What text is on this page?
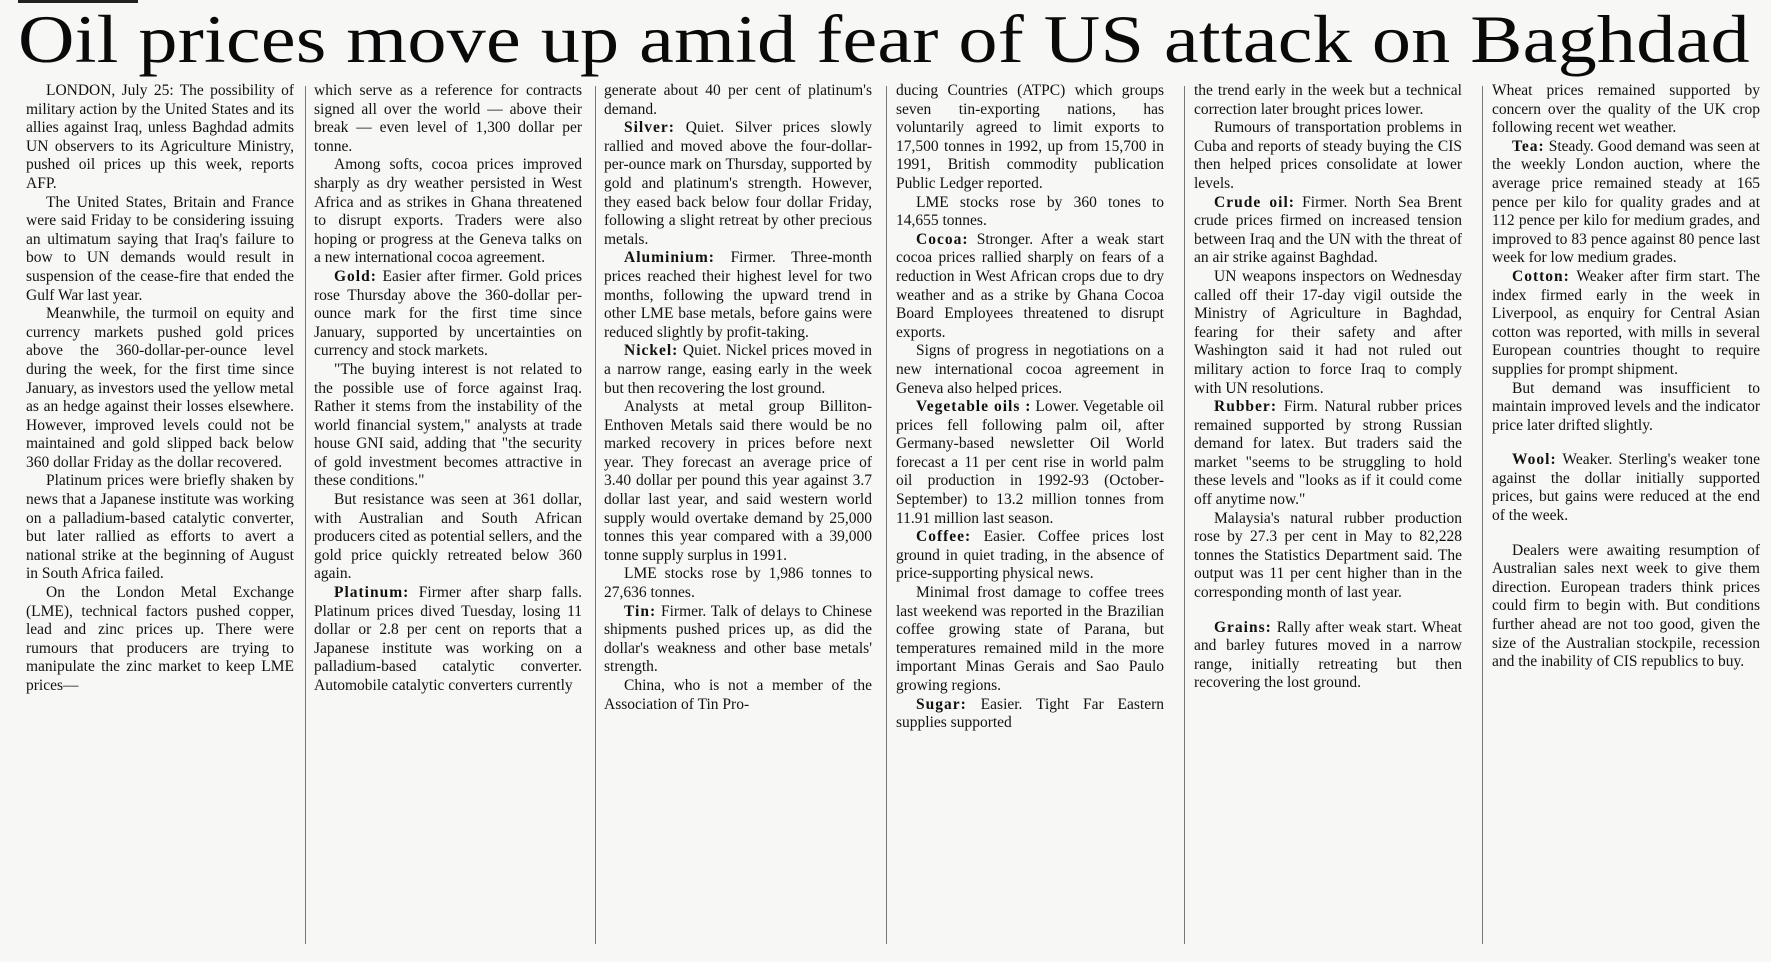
Oil prices move up amid fear of US attack on Baghdad

LONDON, July 25: The possibility of military action by the United States and its allies against Iraq, unless Baghdad admits UN observers to its Agriculture Ministry, pushed oil prices up this week, reports AFP.

The United States, Britain and France were said Friday to be considering issuing an ultimatum saying that Iraq's failure to bow to UN demands would result in suspension of the cease-fire that ended the Gulf War last year.

Meanwhile, the turmoil on equity and currency markets pushed gold prices above the 360-dollar-per-ounce level during the week, for the first time since January, as investors used the yellow metal as an hedge against their losses elsewhere. However, improved levels could not be maintained and gold slipped back below 360 dollar Friday as the dollar recovered.

Platinum prices were briefly shaken by news that a Japanese institute was working on a palladium-based catalytic converter, but later rallied as efforts to avert a national strike at the beginning of August in South Africa failed.

On the London Metal Exchange (LME), technical factors pushed copper, lead and zinc prices up. There were rumours that producers are trying to manipulate the zinc market to keep LME prices—

which serve as a reference for contracts signed all over the world — above their break — even level of 1,300 dollar per tonne.

Among softs, cocoa prices improved sharply as dry weather persisted in West Africa and as strikes in Ghana threatened to disrupt exports. Traders were also hoping or progress at the Geneva talks on a new international cocoa agreement.

Gold: Easier after firmer. Gold prices rose Thursday above the 360-dollar per-ounce mark for the first time since January, supported by uncertainties on currency and stock markets.

"The buying interest is not related to the possible use of force against Iraq. Rather it stems from the instability of the world financial system," analysts at trade house GNI said, adding that "the security of gold investment becomes attractive in these conditions."

But resistance was seen at 361 dollar, with Australian and South African producers cited as potential sellers, and the gold price quickly retreated below 360 again.

Platinum: Firmer after sharp falls. Platinum prices dived Tuesday, losing 11 dollar or 2.8 per cent on reports that a Japanese institute was working on a palladium-based catalytic converter. Automobile catalytic converters currently

generate about 40 per cent of platinum's demand.

Silver: Quiet. Silver prices slowly rallied and moved above the four-dollar-per-ounce mark on Thursday, supported by gold and platinum's strength. However, they eased back below four dollar Friday, following a slight retreat by other precious metals.

Aluminium: Firmer. Three-month prices reached their highest level for two months, following the upward trend in other LME base metals, before gains were reduced slightly by profit-taking.

Nickel: Quiet. Nickel prices moved in a narrow range, easing early in the week but then recovering the lost ground.

Analysts at metal group Billiton-Enthoven Metals said there would be no marked recovery in prices before next year. They forecast an average price of 3.40 dollar per pound this year against 3.7 dollar last year, and said western world supply would overtake demand by 25,000 tonnes this year compared with a 39,000 tonne supply surplus in 1991.

LME stocks rose by 1,986 tonnes to 27,636 tonnes.

Tin: Firmer. Talk of delays to Chinese shipments pushed prices up, as did the dollar's weakness and other base metals' strength.

China, who is not a member of the Association of Tin Pro-

ducing Countries (ATPC) which groups seven tin-exporting nations, has voluntarily agreed to limit exports to 17,500 tonnes in 1992, up from 15,700 in 1991, British commodity publication Public Ledger reported.

LME stocks rose by 360 tones to 14,655 tonnes.

Cocoa: Stronger. After a weak start cocoa prices rallied sharply on fears of a reduction in West African crops due to dry weather and as a strike by Ghana Cocoa Board Employees threatened to disrupt exports.

Signs of progress in negotiations on a new international cocoa agreement in Geneva also helped prices.

Vegetable oils : Lower. Vegetable oil prices fell following palm oil, after Germany-based newsletter Oil World forecast a 11 per cent rise in world palm oil production in 1992-93 (October-September) to 13.2 million tonnes from 11.91 million last season.

Coffee: Easier. Coffee prices lost ground in quiet trading, in the absence of price-supporting physical news.

Minimal frost damage to coffee trees last weekend was reported in the Brazilian coffee growing state of Parana, but temperatures remained mild in the more important Minas Gerais and Sao Paulo growing regions.

Sugar: Easier. Tight Far Eastern supplies supported

the trend early in the week but a technical correction later brought prices lower.

Rumours of transportation problems in Cuba and reports of steady buying the CIS then helped prices consolidate at lower levels.

Crude oil: Firmer. North Sea Brent crude prices firmed on increased tension between Iraq and the UN with the threat of an air strike against Baghdad.

UN weapons inspectors on Wednesday called off their 17-day vigil outside the Ministry of Agriculture in Baghdad, fearing for their safety and after Washington said it had not ruled out military action to force Iraq to comply with UN resolutions.

Rubber: Firm. Natural rubber prices remained supported by strong Russian demand for latex. But traders said the market "seems to be struggling to hold these levels and "looks as if it could come off anytime now."

Malaysia's natural rubber production rose by 27.3 per cent in May to 82,228 tonnes the Statistics Department said. The output was 11 per cent higher than in the corresponding month of last year.

Grains: Rally after weak start. Wheat and barley futures moved in a narrow range, initially retreating but then recovering the lost ground.

Wheat prices remained supported by concern over the quality of the UK crop following recent wet weather.

Tea: Steady. Good demand was seen at the weekly London auction, where the average price remained steady at 165 pence per kilo for quality grades and at 112 pence per kilo for medium grades, and improved to 83 pence against 80 pence last week for low medium grades.

Cotton: Weaker after firm start. The index firmed early in the week in Liverpool, as enquiry for Central Asian cotton was reported, with mills in several European countries thought to require supplies for prompt shipment.

But demand was insufficient to maintain improved levels and the indicator price later drifted slightly.

Wool: Weaker. Sterling's weaker tone against the dollar initially supported prices, but gains were reduced at the end of the week.

Dealers were awaiting resumption of Australian sales next week to give them direction. European traders think prices could firm to begin with. But conditions further ahead are not too good, given the size of the Australian stockpile, recession and the inability of CIS republics to buy.
